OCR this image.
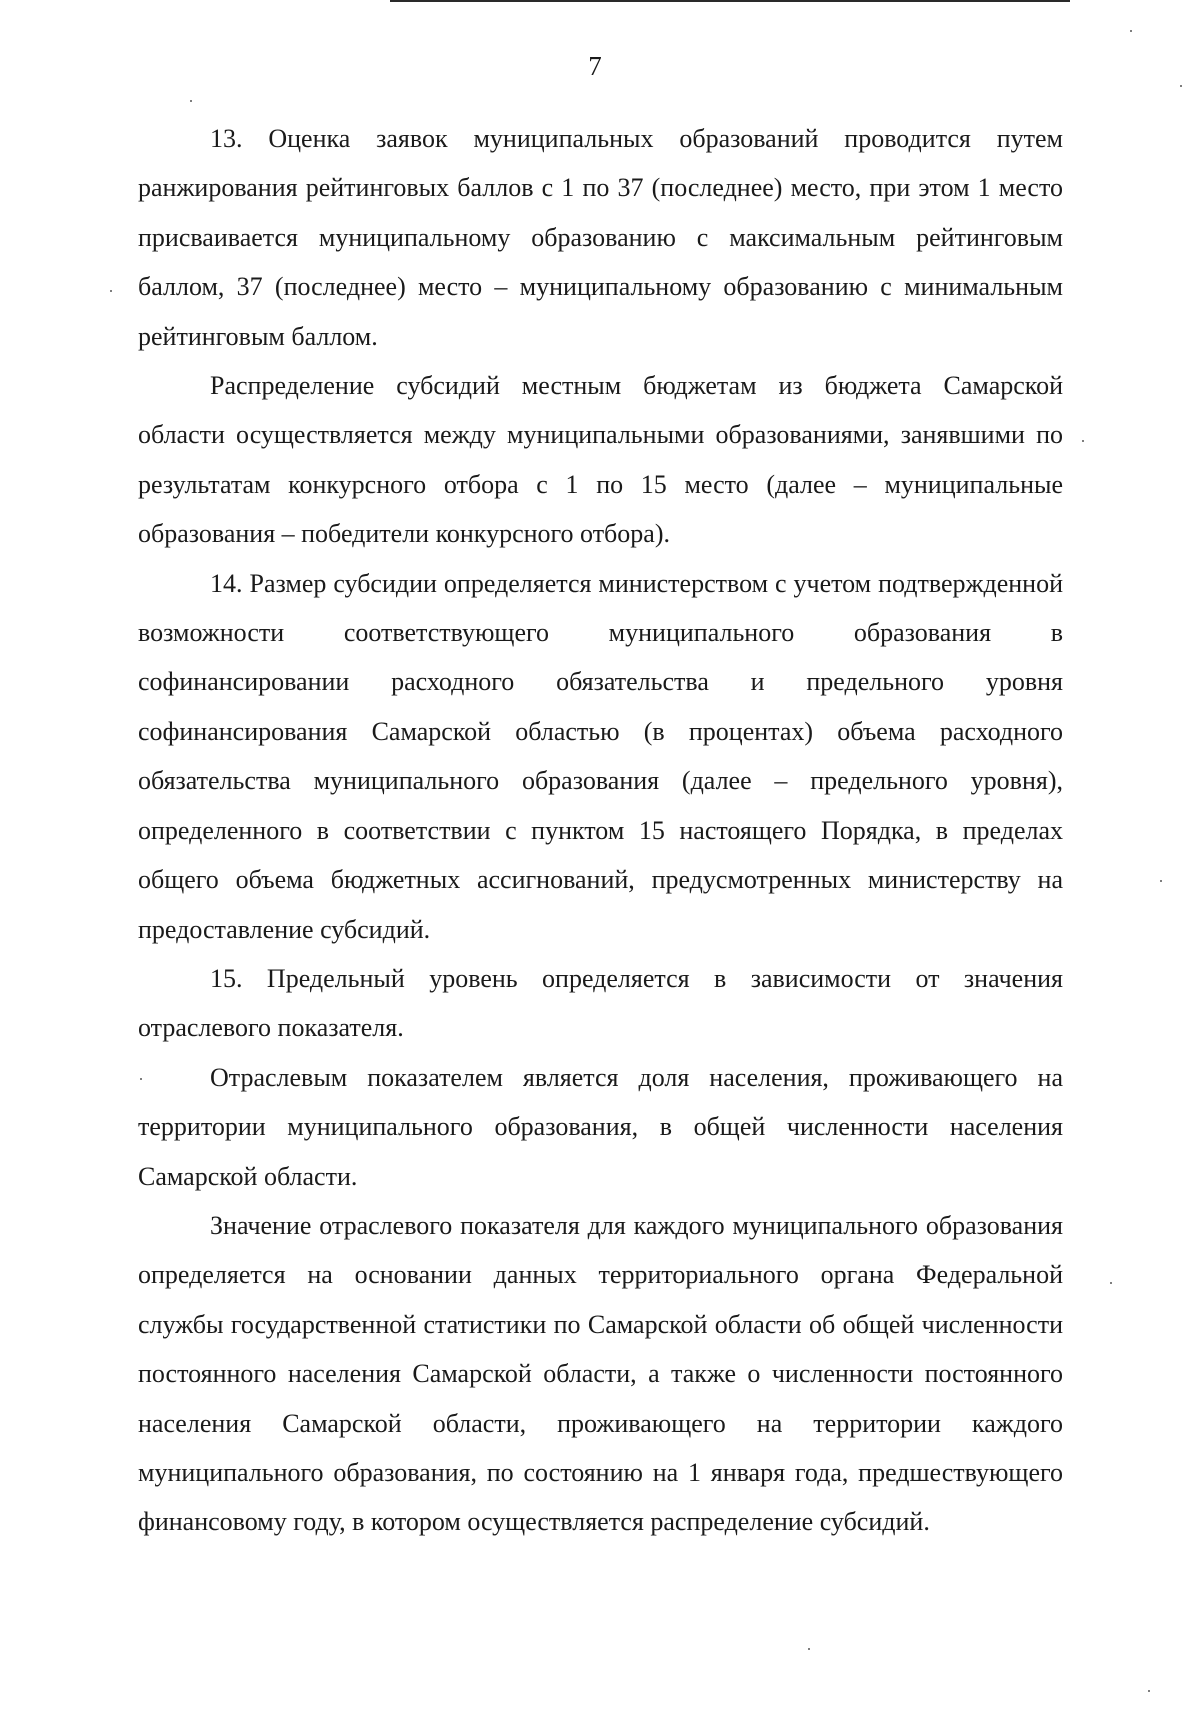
7

13. Оценка заявок муниципальных образований проводится путем ранжирования рейтинговых баллов с 1 по 37 (последнее) место, при этом 1 место присваивается муниципальному образованию с максимальным рейтинговым баллом, 37 (последнее) место – муниципальному образованию с минимальным рейтинговым баллом.

Распределение субсидий местным бюджетам из бюджета Самарской области осуществляется между муниципальными образованиями, занявшими по результатам конкурсного отбора с 1 по 15 место (далее – муниципальные образования – победители конкурсного отбора).

14. Размер субсидии определяется министерством с учетом подтвержденной возможности соответствующего муниципального образования в софинансировании расходного обязательства и предельного уровня софинансирования Самарской областью (в процентах) объема расходного обязательства муниципального образования (далее – предельного уровня), определенного в соответствии с пунктом 15 настоящего Порядка, в пределах общего объема бюджетных ассигнований, предусмотренных министерству на предоставление субсидий.

15. Предельный уровень определяется в зависимости от значения отраслевого показателя.

Отраслевым показателем является доля населения, проживающего на территории муниципального образования, в общей численности населения Самарской области.

Значение отраслевого показателя для каждого муниципального образования определяется на основании данных территориального органа Федеральной службы государственной статистики по Самарской области об общей численности постоянного населения Самарской области, а также о численности постоянного населения Самарской области, проживающего на территории каждого муниципального образования, по состоянию на 1 января года, предшествующего финансовому году, в котором осуществляется распределение субсидий.
